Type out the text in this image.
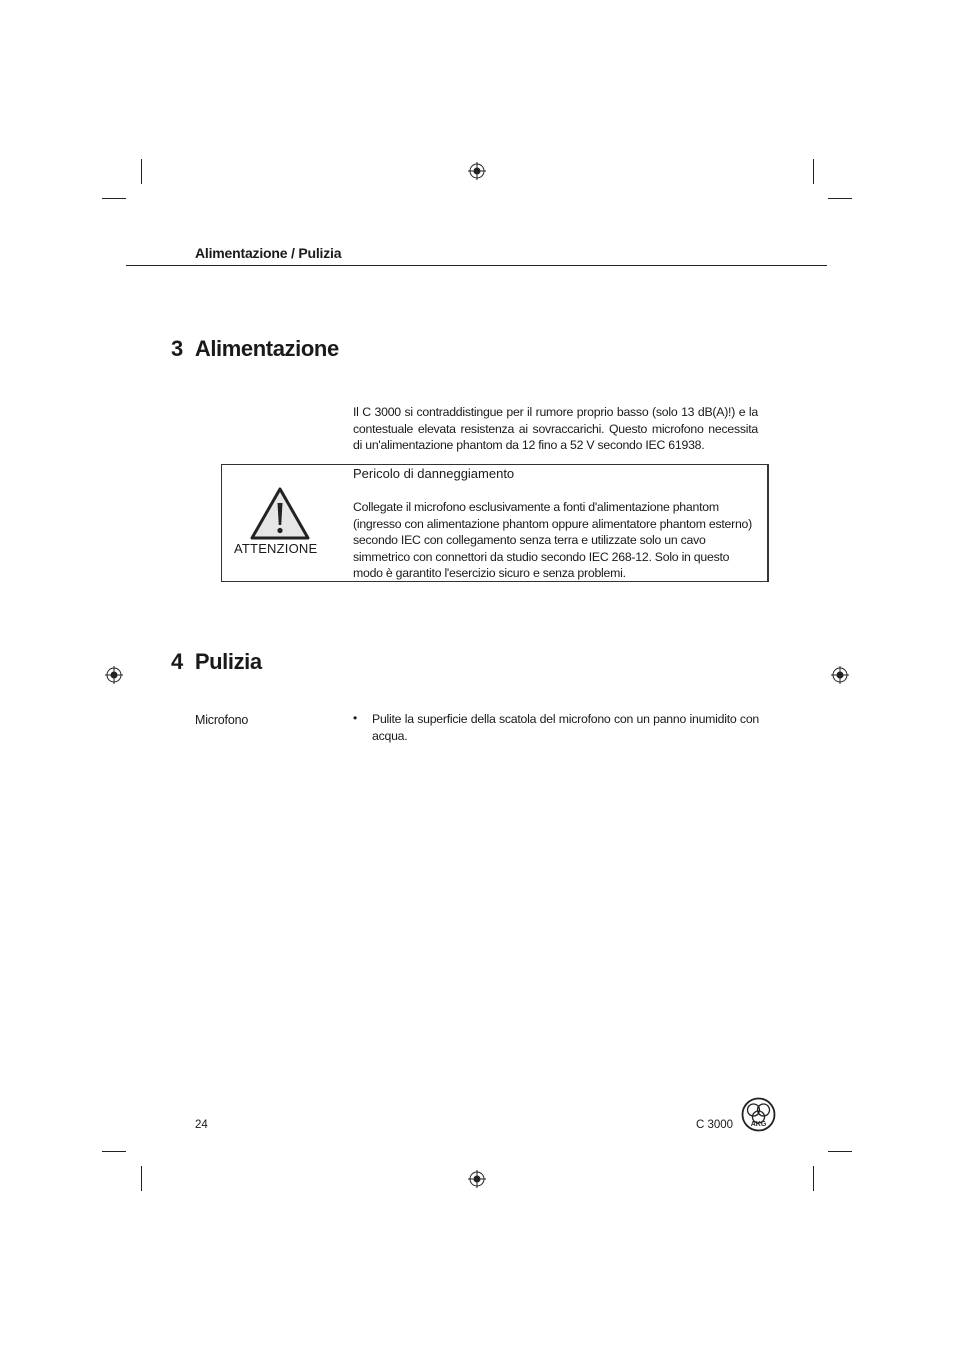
Alimentazione / Pulizia
3 Alimentazione
Il C 3000 si contraddistingue per il rumore proprio basso (solo 13 dB(A)!) e la contestuale elevata resistenza ai sovraccarichi. Questo microfono necessita di un'alimentazione phantom da 12 fino a 52 V secondo IEC 61938.
ATTENZIONE
Pericolo di danneggiamento
Collegate il microfono esclusivamente a fonti d'alimentazione phantom (ingresso con alimentazione phantom oppure alimentatore phantom esterno) secondo IEC con collegamento senza terra e utilizzate solo un cavo simmetrico con connettori da studio secondo IEC 268-12. Solo in questo modo è garantito l'esercizio sicuro e senza problemi.
4 Pulizia
Microfono	• Pulite la superficie della scatola del microfono con un panno inumidito con acqua.
24	C 3000	AKG
